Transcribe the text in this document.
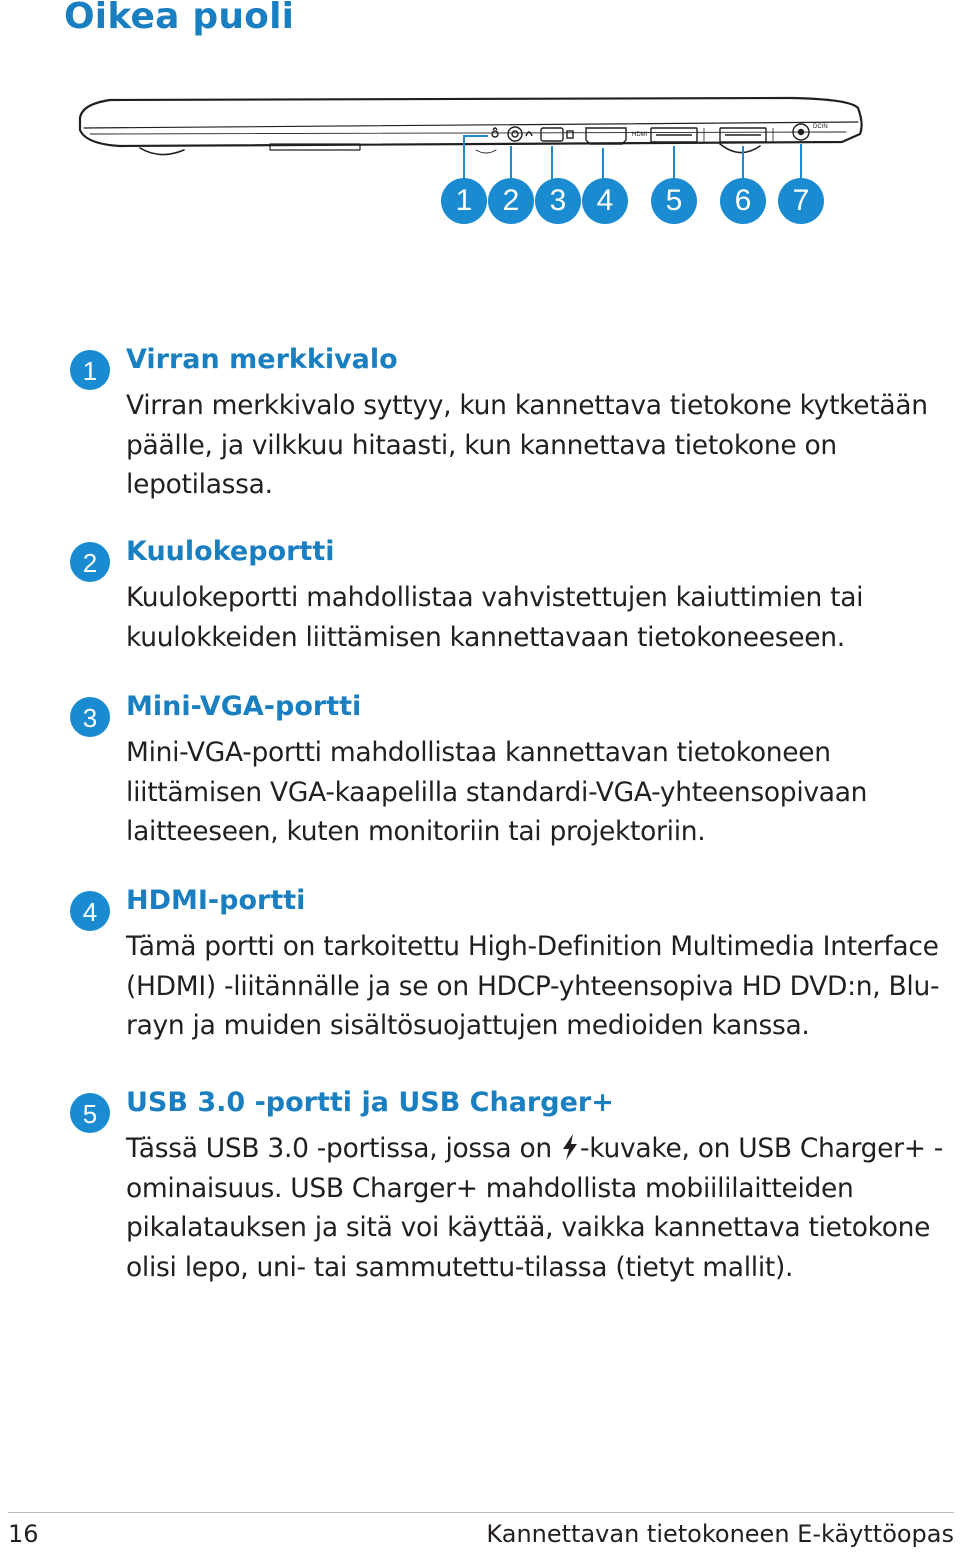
Oikea puoli
HDMI
DCIN
1	2	3	4	5	6	7
1	Virran merkkivalo

Virran merkkivalo syttyy, kun kannettava tietokone kytketään päälle, ja vilkkuu hitaasti, kun kannettava tietokone on lepotilassa.

2	Kuulokeportti

Kuulokeportti mahdollistaa vahvistettujen kaiuttimien tai kuulokkeiden liittämisen kannettavaan tietokoneeseen.

3	Mini-VGA-portti

Mini-VGA-portti mahdollistaa kannettavan tietokoneen liittämisen VGA-kaapelilla standardi-VGA-yhteensopivaan laitteeseen, kuten monitoriin tai projektoriin.

4	HDMI-portti

Tämä portti on tarkoitettu High-Definition Multimedia Interface (HDMI) -liitännälle ja se on HDCP-yhteensopiva HD DVD:n, Blu-rayn ja muiden sisältösuojattujen medioiden kanssa.

5	USB 3.0 -portti ja USB Charger+

Tässä USB 3.0 -portissa, jossa on -kuvake, on USB Charger+ -ominaisuus. USB Charger+ mahdollista mobiililaitteiden pikalatauksen ja sitä voi käyttää, vaikka kannettava tietokone olisi lepo, uni- tai sammutettu-tilassa (tietyt mallit).

16	Kannettavan tietokoneen E-käyttöopas
